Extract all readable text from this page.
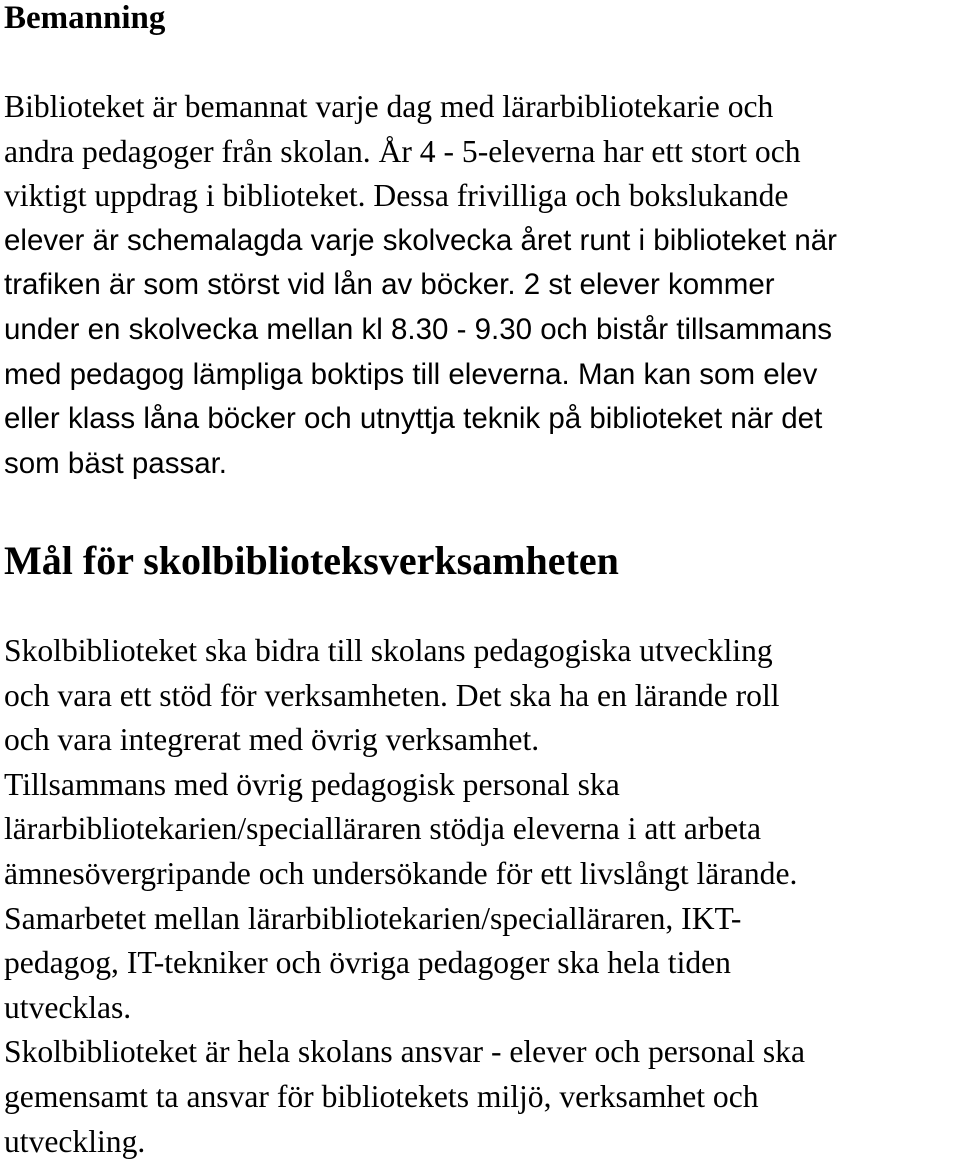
Bemanning

Biblioteket är bemannat varje dag med lärarbibliotekarie och
andra pedagoger från skolan. År 4 - 5-eleverna har ett stort och
viktigt uppdrag i biblioteket. Dessa frivilliga och bokslukande
elever är schemalagda varje skolvecka året runt i biblioteket när
trafiken är som störst vid lån av böcker. 2 st elever kommer
under en skolvecka mellan kl 8.30 - 9.30 och bistår tillsammans
med pedagog lämpliga boktips till eleverna. Man kan som elev
eller klass låna böcker och utnyttja teknik på biblioteket när det
som bäst passar.

Mål för skolbiblioteksverksamheten

Skolbiblioteket ska bidra till skolans pedagogiska utveckling
och vara ett stöd för verksamheten. Det ska ha en lärande roll
och vara integrerat med övrig verksamhet.
Tillsammans med övrig pedagogisk personal ska
lärarbibliotekarien/specialläraren stödja eleverna i att arbeta
ämnesövergripande och undersökande för ett livslångt lärande.
Samarbetet mellan lärarbibliotekarien/specialläraren, IKT-
pedagog, IT-tekniker och övriga pedagoger ska hela tiden
utvecklas.
Skolbiblioteket är hela skolans ansvar - elever och personal ska
gemensamt ta ansvar för bibliotekets miljö, verksamhet och
utveckling.
